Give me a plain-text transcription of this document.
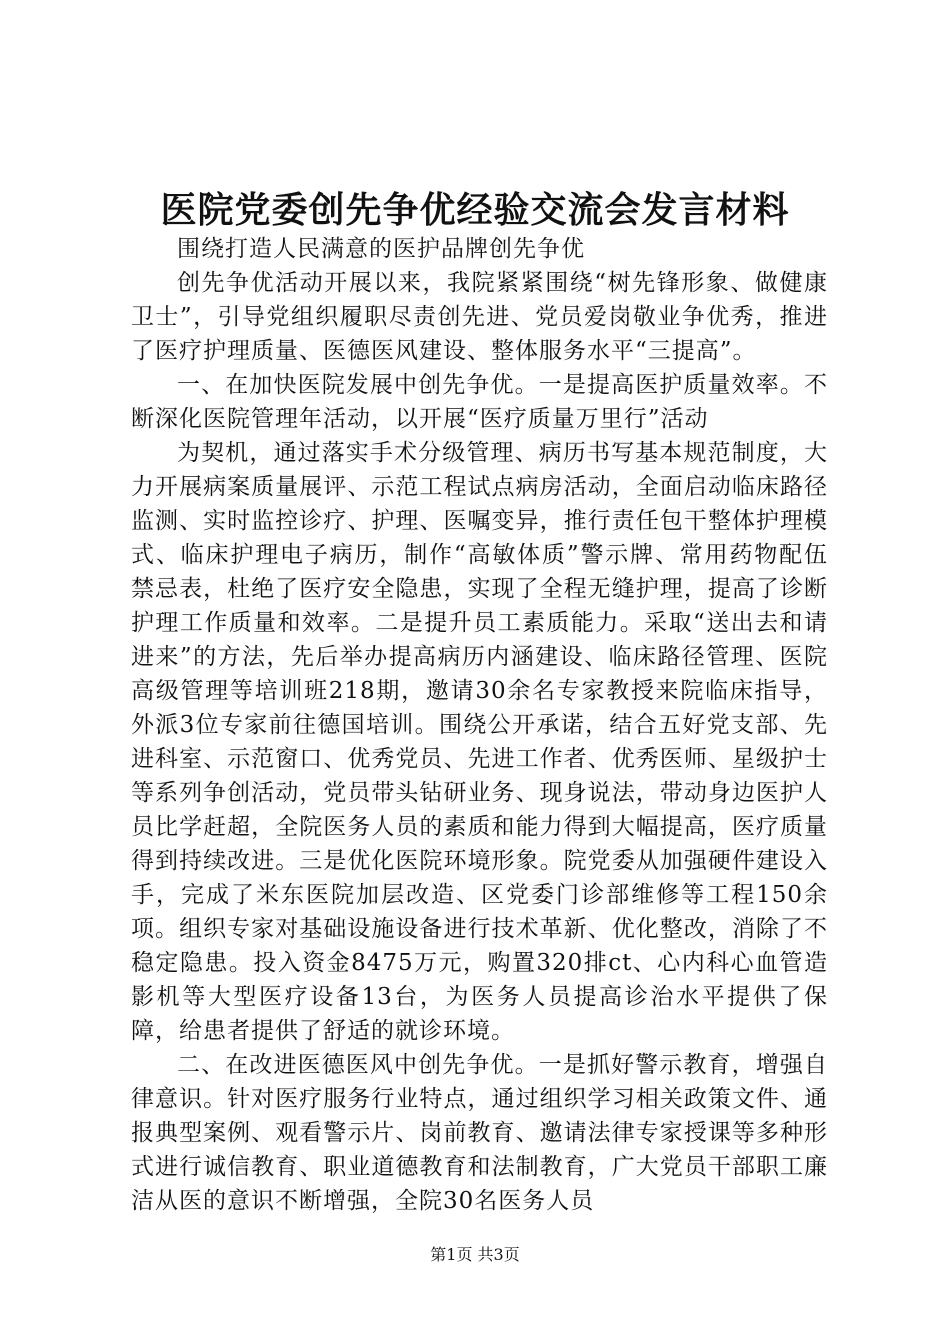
医院党委创先争优经验交流会发言材料

围绕打造人民满意的医护品牌创先争优

创先争优活动开展以来，我院紧紧围绕“树先锋形象、做健康卫士”，引导党组织履职尽责创先进、党员爱岗敬业争优秀，推进了医疗护理质量、医德医风建设、整体服务水平“三提高”。

一、在加快医院发展中创先争优。一是提高医护质量效率。不断深化医院管理年活动，以开展“医疗质量万里行”活动

为契机，通过落实手术分级管理、病历书写基本规范制度，大力开展病案质量展评、示范工程试点病房活动，全面启动临床路径监测、实时监控诊疗、护理、医嘱变异，推行责任包干整体护理模式、临床护理电子病历，制作“高敏体质”警示牌、常用药物配伍禁忌表，杜绝了医疗安全隐患，实现了全程无缝护理，提高了诊断护理工作质量和效率。二是提升员工素质能力。采取“送出去和请进来”的方法，先后举办提高病历内涵建设、临床路径管理、医院高级管理等培训班218期，邀请30余名专家教授来院临床指导，外派3位专家前往德国培训。围绕公开承诺，结合五好党支部、先进科室、示范窗口、优秀党员、先进工作者、优秀医师、星级护士等系列争创活动，党员带头钻研业务、现身说法，带动身边医护人员比学赶超，全院医务人员的素质和能力得到大幅提高，医疗质量得到持续改进。三是优化医院环境形象。院党委从加强硬件建设入手，完成了米东医院加层改造、区党委门诊部维修等工程150余项。组织专家对基础设施设备进行技术革新、优化整改，消除了不稳定隐患。投入资金8475万元，购置320排ct、心内科心血管造影机等大型医疗设备13台，为医务人员提高诊治水平提供了保障，给患者提供了舒适的就诊环境。

二、在改进医德医风中创先争优。一是抓好警示教育，增强自律意识。针对医疗服务行业特点，通过组织学习相关政策文件、通报典型案例、观看警示片、岗前教育、邀请法律专家授课等多种形式进行诚信教育、职业道德教育和法制教育，广大党员干部职工廉洁从医的意识不断增强，全院30名医务人员

第1页 共3页
